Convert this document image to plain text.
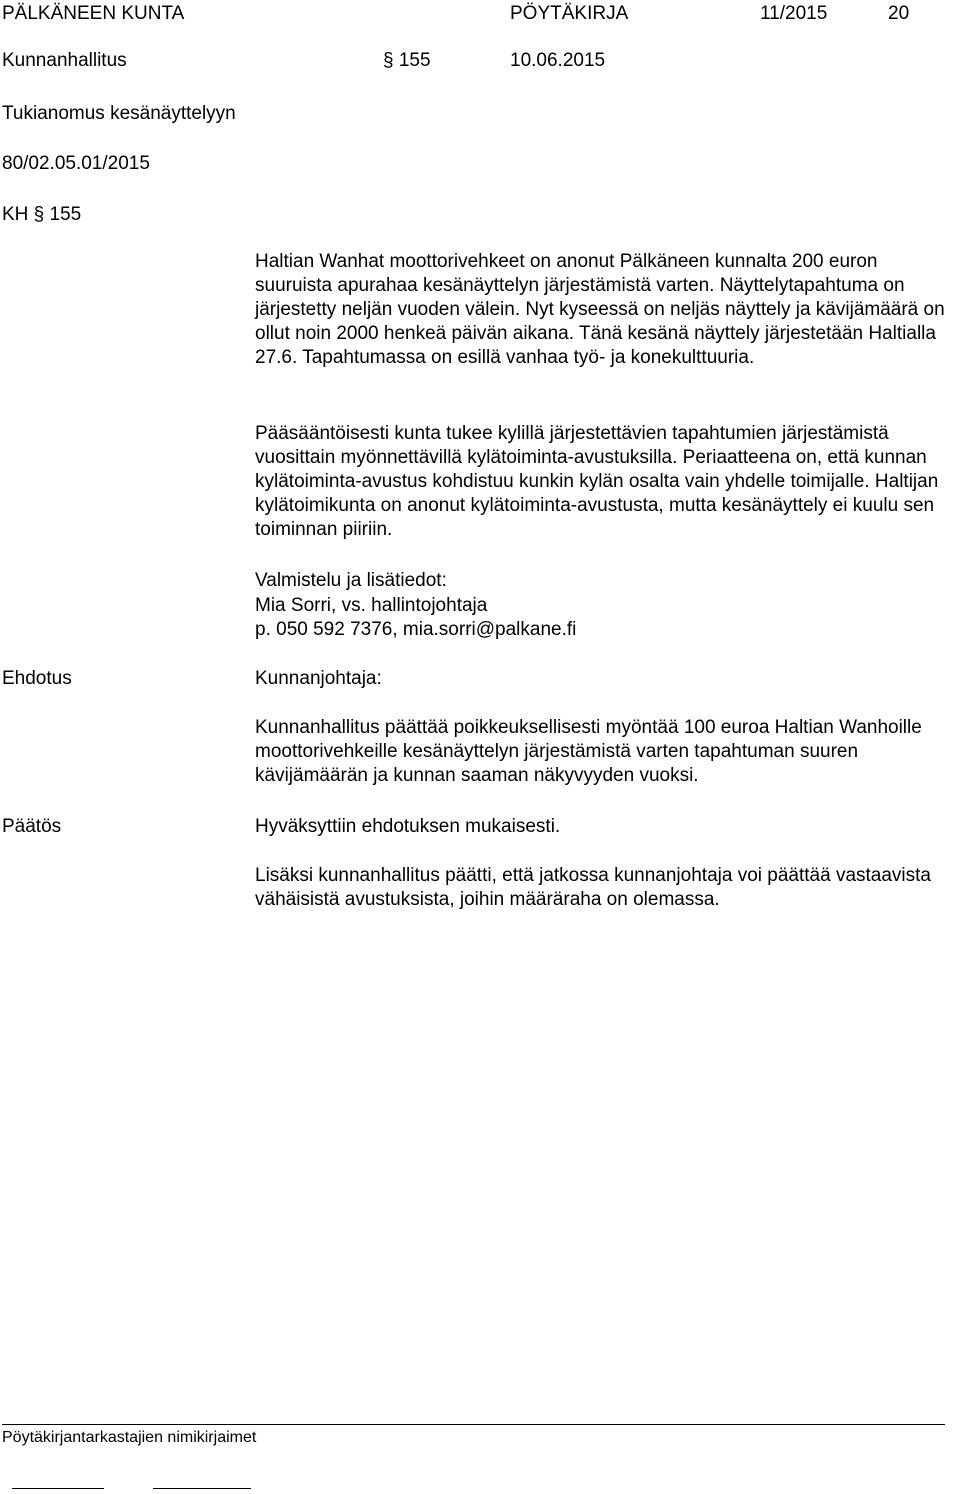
PÄLKÄNEEN KUNTA	PÖYTÄKIRJA	11/2015	20
Kunnanhallitus	§ 155	10.06.2015
Tukianomus kesänäyttelyyn
80/02.05.01/2015
KH § 155

Haltian Wanhat moottorivehkeet on anonut Pälkäneen kunnalta 200 euron suuruista apurahaa kesänäyttelyn järjestämistä varten. Näyttelytapahtuma on järjestetty neljän vuoden välein. Nyt kyseessä on neljäs näyttely ja kävijämäärä on ollut noin 2000 henkeä päivän aikana. Tänä kesänä näyttely järjestetään Haltialla 27.6. Tapahtumassa on esillä vanhaa työ- ja konekulttuuria.

Pääsääntöisesti kunta tukee kylillä järjestettävien tapahtumien järjestämistä vuosittain myönnettävillä kylätoiminta-avustuksilla. Periaatteena on, että kunnan kylätoiminta-avustus kohdistuu kunkin kylän osalta vain yhdelle toimijalle. Haltijan kylätoimikunta on anonut kylätoiminta-avustusta, mutta kesänäyttely ei kuulu sen toiminnan piiriin.

Valmistelu ja lisätiedot:
Mia Sorri, vs. hallintojohtaja
p. 050 592 7376, mia.sorri@palkane.fi
Ehdotus	Kunnanjohtaja:

Kunnanhallitus päättää poikkeuksellisesti myöntää 100 euroa Haltian Wanhoille moottorivehkeille kesänäyttelyn järjestämistä varten tapahtuman suuren kävijämäärän ja kunnan saaman näkyvyyden vuoksi.

Päätös	Hyväksyttiin ehdotuksen mukaisesti.

Lisäksi kunnanhallitus päätti, että jatkossa kunnanjohtaja voi päättää vastaavista vähäisistä avustuksista, joihin määräraha on olemassa.

Pöytäkirjantarkastajien nimikirjaimet
